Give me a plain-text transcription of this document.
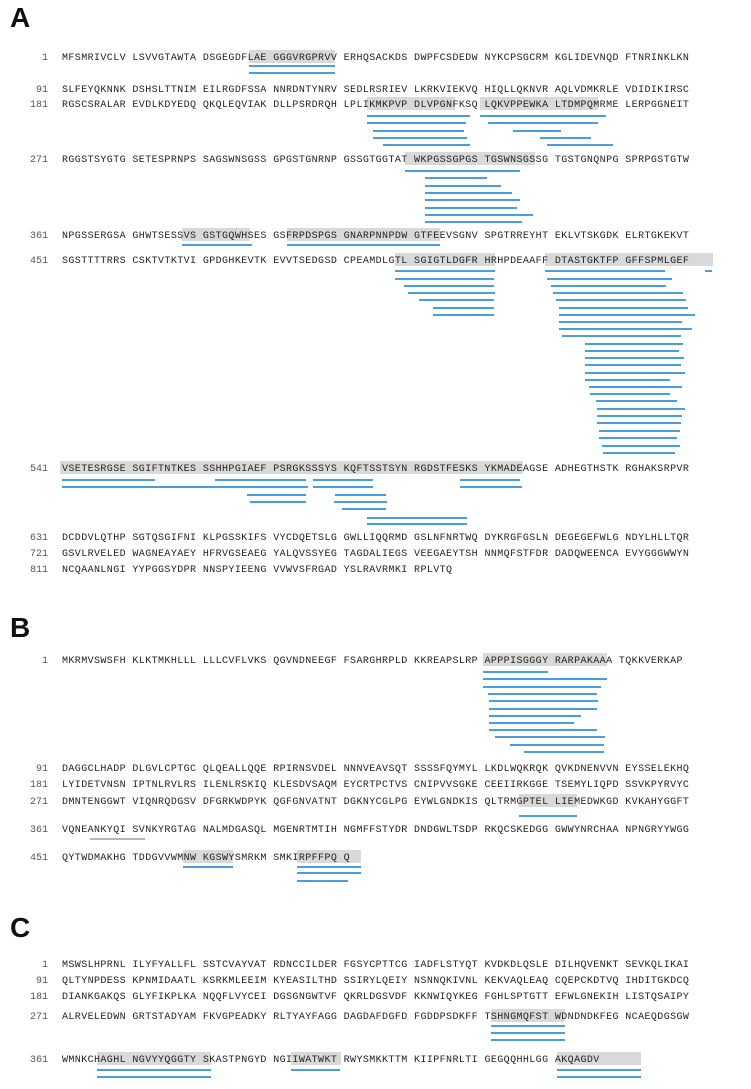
A
B
C
1 MFSMRIVCLV LSVVGTAWTA DSGEGDFLAE GGGVRGPRVV ERHQSACKDS DWPFCSDEDW NYKCPSGCRM KGLIDEVNQD FTNRINKLKN
91 SLFEYQKNNK DSHSLTTNIM EILRGDFSSA NNRDNTYNRV SEDLRSRIEV LKRKVIEKVQ HIQLLQKNVR AQLVDMKRLE VDIDIKIRSC
181 RGSCSRALAR EVDLKDYEDQ QKQLEQVIAK DLLPSRDRQH LPLIKMKPVP DLVPGNFKSQ LQKVPPEWKA LTDMPQMRME LERPGGNEIT
271 RGGSTSYGTG SETESPRNPS SAGSWNSGSS GPGSTGNRNP GSSGTGGTAT WKPGSSGPGS TGSWNSGSSG TGSTGNQNPG SPRPGSTGTW
361 NPGSSERGSA GHWTSESSVS GSTGQWHSES GSFRPDSPGS GNARPNNPDW GTFEEVSGNV SPGTRREYHT EKLVTSKGDK ELRTGKEKVT
451 SGSTTTTRRS CSKTVTKTVI GPDGHKEVTK EVVTSEDGSD CPEAMDLGTL SGIGTLDGFR HRHPDEAAFF DTASTGKTFP GFFSPMLGEF
541 VSETESRGSE SGIFTNTKES SSHHPGIAEF PSRGKSSSYS KQFTSSTSYN RGDSTFESKS YKMADEAGSE ADHEGTHSTK RGHAKSRPVR
631 DCDDVLQTHP SGTQSGIFNI KLPGSSKIFS VYCDQETSLG GWLLIQQRMD GSLNFNRTWQ DYKRGFGSLN DEGEGEFWLG NDYLHLLTQR
721 GSVLRVELED WAGNEAYAEY HFRVGSEAEG YALQVSSYEG TAGDALIEGS VEEGAEYTSH NNMQFSTFDR DADQWEENCA EVYGGGWWYN
811 NCQAANLNGI YYPGGSYDPR NNSPYIEENG VVWVSFRGAD YSLRAVRMKI RPLVTQ
1 MKRMVSWSFH KLKTMKHLLL LLLCVFLVKS QGVNDNEEGF FSARGHRPLD KKREAPSLRP APPPISGGGY RARPAKAAA TQKKVERKAP
91 DAGGCLHADP DLGVLCPTGC QLQEALLQQE RPIRNSVDEL NNNVEAVSQT SSSSFQYMYL LKDLWQKRQK QVKDNENVVN EYSSELEKHQ
181 LYIDETVNSN IPTNLRVLRS ILENLRSKIQ KLESDVSAQM EYCRTPCTVS CNIPVVSGKE CEEIIRKGGE TSEMYLIQPD SSVKPYRVYC
271 DMNTENGGWT VIQNRQDGSV DFGRKWDPYK QGFGNVATNT DGKNYCGLPG EYWLGNDKIS QLTRMGPTEL LIEMEDWKGD KVKAHYGGFT
361 VQNEANKYQI SVNKYRGTAG NALMDGASQL MGENRTMTIH NGMFFSTYDR DNDGWLTSDP RKQCSKEDGG GWWYNRCHAA NPNGRYYWGG
451 QYTWDMAKHG TDDGVVWMNW KGSWYSMRKM SMKIRPFFPQ Q
1 MSWSLHPRNL ILYFYALLFL SSTCVAYVAT RDNCCILDER FGSYCPTTCG IADFLSTYQT KVDKDLQSLE DILHQVENKT SEVKQLIKAI
91 QLTYNPDESS KPNMIDAATL KSRKMLEEIM KYEASILTHD SSIRYLQEIY NSNNQKIVNL KEKVAQLEAQ CQEPCKDTVQ IHDITGKDCQ
181 DIANKGAKQS GLYFIKPLKA NQQFLVYCEI DGSGNGWTVF QKRLDGSVDF KKNWIQYKEG FGHLSPTGTT EFWLGNEKIH LISTQSAIPY
271 ALRVELEDWN GRTSTADYAM FKVGPEADKY RLTYAYFAGG DAGDAFDGFD FGDDPSDKFF TSHNGMQFST WDNDNDKFEG NCAEQDGSGW
361 WMNKCHAGHL NGVYYQGGTY SKASTPNGYD NGIIWATWKT RWYSMKKTTM KIIPFNRLTI GEGQQHHLGG AKQAGDV
